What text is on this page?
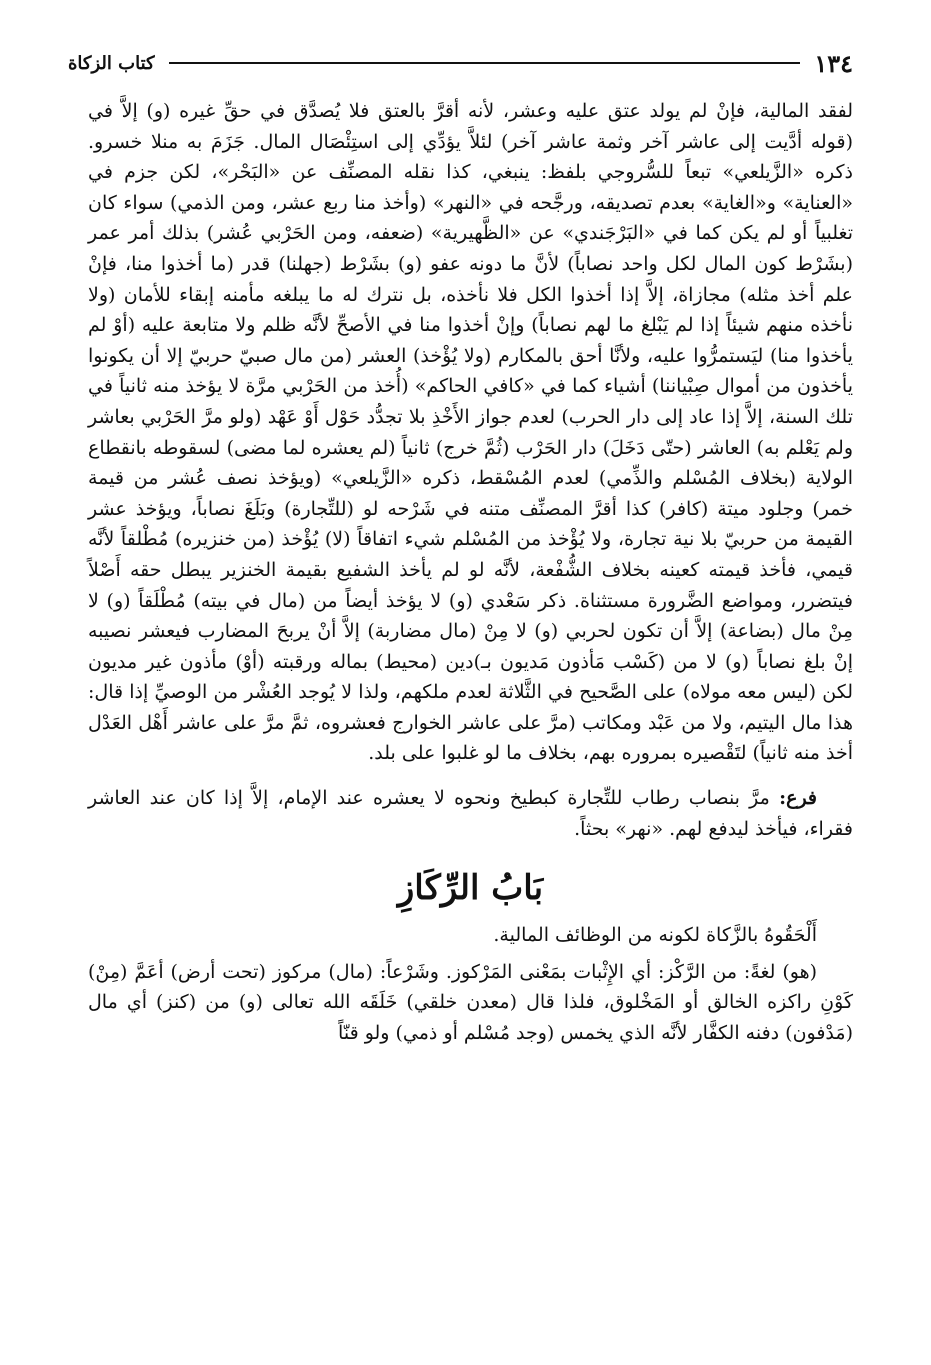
١٣٤
كتاب الزكاة

لفقد المالية، فإنْ لم يولد عتق عليه وعشر، لأنه أقرَّ بالعتق فلا يُصدَّق في حقِّ غيره (و) إلاَّ في (قوله أدَّيت إلى عاشر آخر وثمة عاشر آخر) لئلاَّ يؤدِّي إلى استِئْصَال المال. جَزَمَ به منلا خسرو. ذكره «الزَّيلعي» تبعاً للسُّروجي بلفظ: ينبغي، كذا نقله المصنِّف عن «البَحْر»، لكن جزم في «العناية» و«الغاية» بعدم تصديقه، ورجَّحه في «النهر» (وأخذ منا ربع عشر، ومن الذمي) سواء كان تغلبياً أو لم يكن كما في «البَرْجَندي» عن «الظَّهيرية» (ضعفه، ومن الحَرْبي عُشر) بذلك أمر عمر (بشَرْط كون المال لكل واحد نصاباً) لأنَّ ما دونه عفو (و) بشَرْط (جهلنا) قدر (ما أخذوا منا، فإنْ علم أخذ مثله) مجازاة، إلاَّ إذا أخذوا الكل فلا نأخذه، بل نترك له ما يبلغه مأمنه إبقاء للأمان (ولا نأخذه منهم شيئاً إذا لم يَبْلغ ما لهم نصاباً) وإنْ أخذوا منا في الأصحِّ لأنَّه ظلم ولا متابعة عليه (أوْ لم يأخذوا منا) ليَستمرُّوا عليه، ولأنَّا أحق بالمكارم (ولا يُؤْخذ) العشر (من مال صبيّ حربيّ إلا أن يكونوا يأخذون من أموال صِبْياننا) أشياء كما في «كافي الحاكم» (أُخذ من الحَرْبي مرَّة لا يؤخذ منه ثانياً في تلك السنة، إلاَّ إذا عاد إلى دار الحرب) لعدم جواز الأَخْذِ بلا تجدُّد حَوْل أَوْ عَهْد (ولو مرَّ الحَرْبي بعاشر ولم يَعْلم به) العاشر (حتّى دَخَلَ) دار الحَرْب (ثُمَّ خرج) ثانياً (لم يعشره لما مضى) لسقوطه بانقطاع الولاية (بخلاف المُسْلم والذِّمي) لعدم المُسْقط، ذكره «الزَّيلعي» (ويؤخذ نصف عُشر من قيمة خمر) وجلود ميتة (كافر) كذا أقرَّ المصنِّف متنه في شَرْحه لو (للتِّجارة) وبَلَغَ نصاباً، ويؤخذ عشر القيمة من حربيّ بلا نية تجارة، ولا يُؤْخذ من المُسْلم شيء اتفاقاً (لا) يُؤْخذ (من خنزيره) مُطْلقاً لأنَّه قيمي، فأخذ قيمته كعينه بخلاف الشُّفْعة، لأنَّه لو لم يأخذ الشفيع بقيمة الخنزير يبطل حقه أَصْلاً فيتضرر، ومواضع الضَّرورة مستثناة. ذكر سَعْدي (و) لا يؤخذ أيضاً من (مال في بيته) مُطْلَقاً (و) لا مِنْ مال (بضاعة) إلاَّ أن تكون لحربي (و) لا مِنْ (مال مضاربة) إلاَّ أنْ يربحَ المضارب فيعشر نصيبه إنْ بلغ نصاباً (و) لا من (كَسْب مَأذون مَديون بـ)دين (محيط) بماله ورقبته (أوْ) مأذون غير مديون لكن (ليس معه مولاه) على الصَّحيح في الثَّلاثة لعدم ملكهم، ولذا لا يُوجد العُشْر من الوصيِّ إذا قال: هذا مال اليتيم، ولا من عَبْد ومكاتب (مرَّ على عاشر الخوارج فعشروه، ثمَّ مرَّ على عاشر أَهْل العَدْل أخذ منه ثانياً) لتَقْصيره بمروره بهم، بخلاف ما لو غلبوا على بلد.

فرع: مرَّ بنصاب رطاب للتِّجارة كبطيخ ونحوه لا يعشره عند الإمام، إلاَّ إذا كان عند العاشر فقراء، فيأخذ ليدفع لهم. «نهر» بحثاً.

بَابُ الرِّكَازِ

أَلْحَقُوهُ بالزَّكاة لكونه من الوظائف المالية.

(هو) لغةً: من الرَّكْز: أي الإِثْبات بمَعْنى المَرْكوز. وشَرْعاً: (مال) مركوز (تحت أرض) أعَمَّ (مِنْ) كَوْنِ راكزه الخالق أو المَخْلوق، فلذا قال (معدن خلقي) خَلَقَه الله تعالى (و) من (كنز) أي مال (مَدْفون) دفنه الكفَّار لأنَّه الذي يخمس (وجد مُسْلم أو ذمي) ولو قنّاً
